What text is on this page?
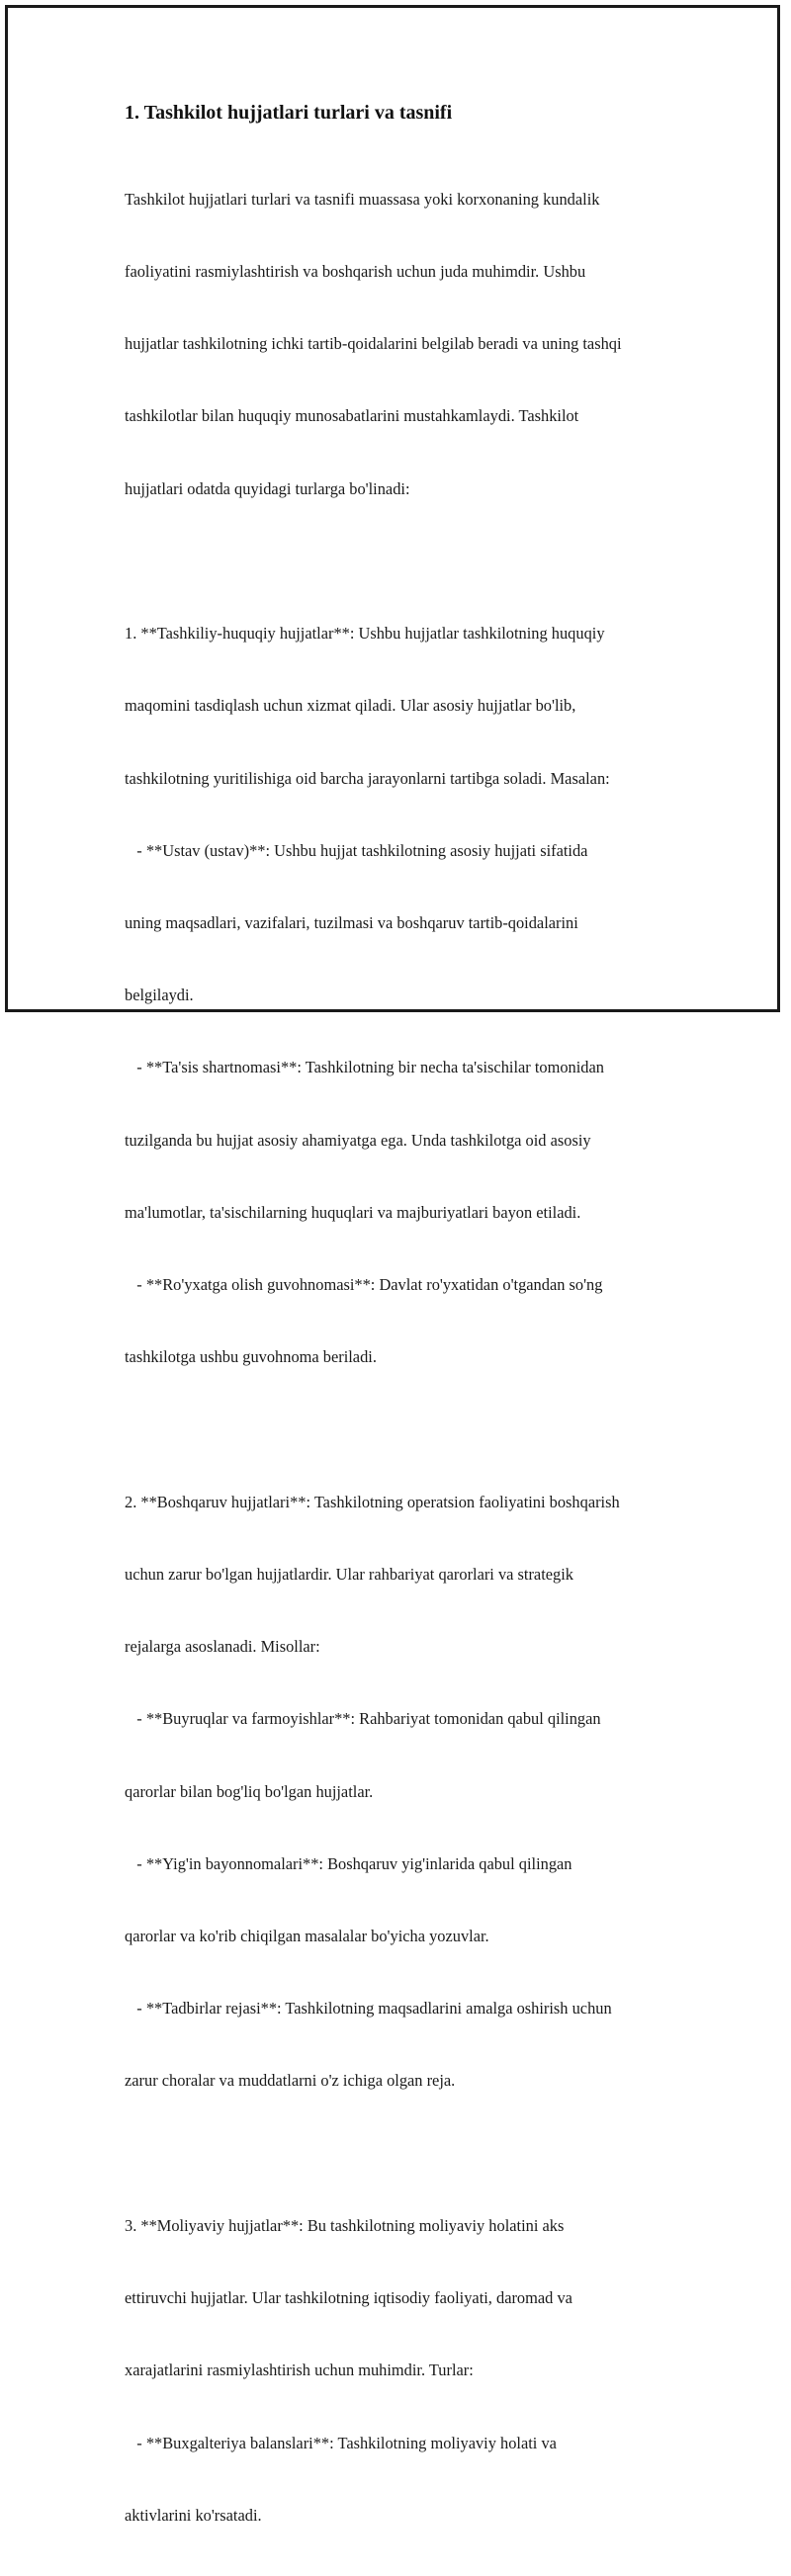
1. Tashkilot hujjatlari turlari va tasnifi

Tashkilot hujjatlari turlari va tasnifi muassasa yoki korxonaning kundalik

faoliyatini rasmiylashtirish va boshqarish uchun juda muhimdir. Ushbu

hujjatlar tashkilotning ichki tartib-qoidalarini belgilab beradi va uning tashqi

tashkilotlar bilan huquqiy munosabatlarini mustahkamlaydi. Tashkilot

hujjatlari odatda quyidagi turlarga bo'linadi:

1. **Tashkiliy-huquqiy hujjatlar**: Ushbu hujjatlar tashkilotning huquqiy

maqomini tasdiqlash uchun xizmat qiladi. Ular asosiy hujjatlar bo'lib,

tashkilotning yuritilishiga oid barcha jarayonlarni tartibga soladi. Masalan:

- **Ustav (ustav)**: Ushbu hujjat tashkilotning asosiy hujjati sifatida

uning maqsadlari, vazifalari, tuzilmasi va boshqaruv tartib-qoidalarini

belgilaydi.

- **Ta'sis shartnomasi**: Tashkilotning bir necha ta'sischilar tomonidan

tuzilganda bu hujjat asosiy ahamiyatga ega. Unda tashkilotga oid asosiy

ma'lumotlar, ta'sischilarning huquqlari va majburiyatlari bayon etiladi.

- **Ro'yxatga olish guvohnomasi**: Davlat ro'yxatidan o'tgandan so'ng

tashkilotga ushbu guvohnoma beriladi.

2. **Boshqaruv hujjatlari**: Tashkilotning operatsion faoliyatini boshqarish

uchun zarur bo'lgan hujjatlardir. Ular rahbariyat qarorlari va strategik

rejalarga asoslanadi. Misollar:

- **Buyruqlar va farmoyishlar**: Rahbariyat tomonidan qabul qilingan

qarorlar bilan bog'liq bo'lgan hujjatlar.

- **Yig'in bayonnomalari**: Boshqaruv yig'inlarida qabul qilingan

qarorlar va ko'rib chiqilgan masalalar bo'yicha yozuvlar.

- **Tadbirlar rejasi**: Tashkilotning maqsadlarini amalga oshirish uchun

zarur choralar va muddatlarni o'z ichiga olgan reja.

3. **Moliyaviy hujjatlar**: Bu tashkilotning moliyaviy holatini aks

ettiruvchi hujjatlar. Ular tashkilotning iqtisodiy faoliyati, daromad va

xarajatlarini rasmiylashtirish uchun muhimdir. Turlar:

- **Buxgalteriya balanslari**: Tashkilotning moliyaviy holati va

aktivlarini ko'rsatadi.
